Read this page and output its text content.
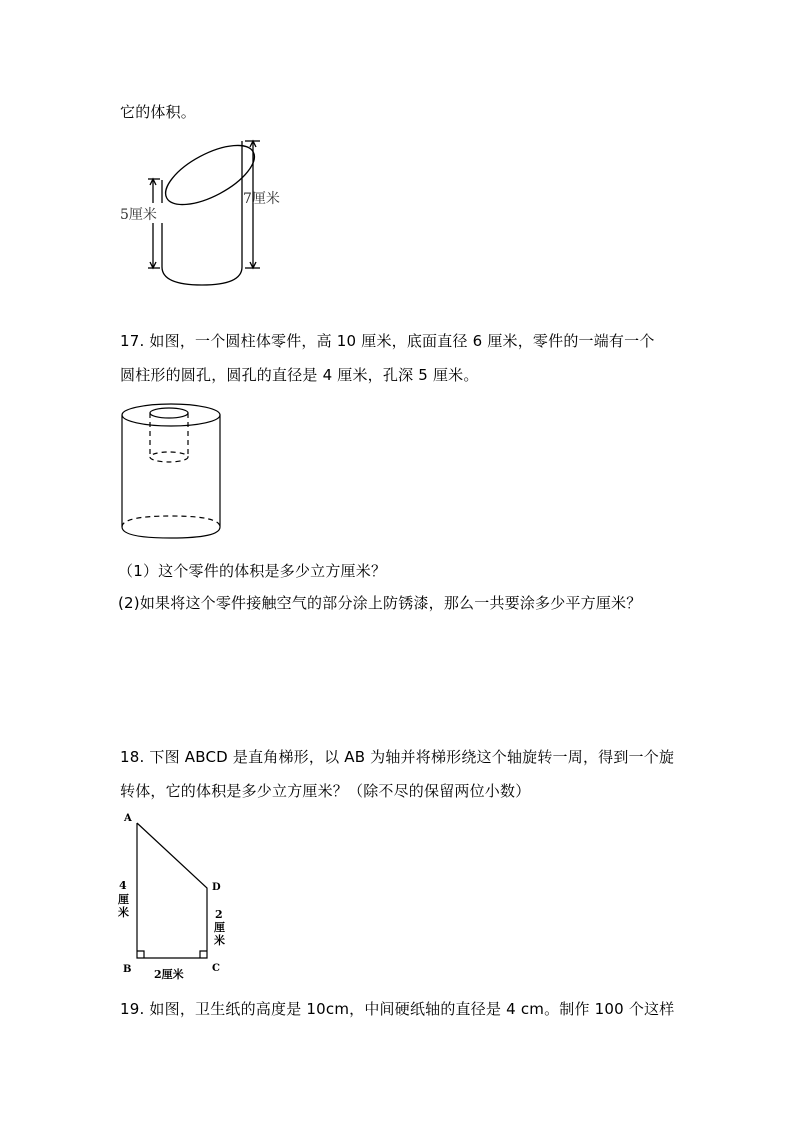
它的体积。
5厘米
7厘米
17. 如图，一个圆柱体零件，高 10 厘米，底面直径 6 厘米，零件的一端有一个
圆柱形的圆孔，圆孔的直径是 4 厘米，孔深 5 厘米。
（1）这个零件的体积是多少立方厘米？
(2)如果将这个零件接触空气的部分涂上防锈漆，那么一共要涂多少平方厘米？
18. 下图 ABCD 是直角梯形，以 AB 为轴并将梯形绕这个轴旋转一周，得到一个旋
转体，它的体积是多少立方厘米？（除不尽的保留两位小数）
A
B	C
D
4
厘
米	2
厘
米
2厘米
19. 如图，卫生纸的高度是 10cm，中间硬纸轴的直径是 4 cm。制作 100 个这样
